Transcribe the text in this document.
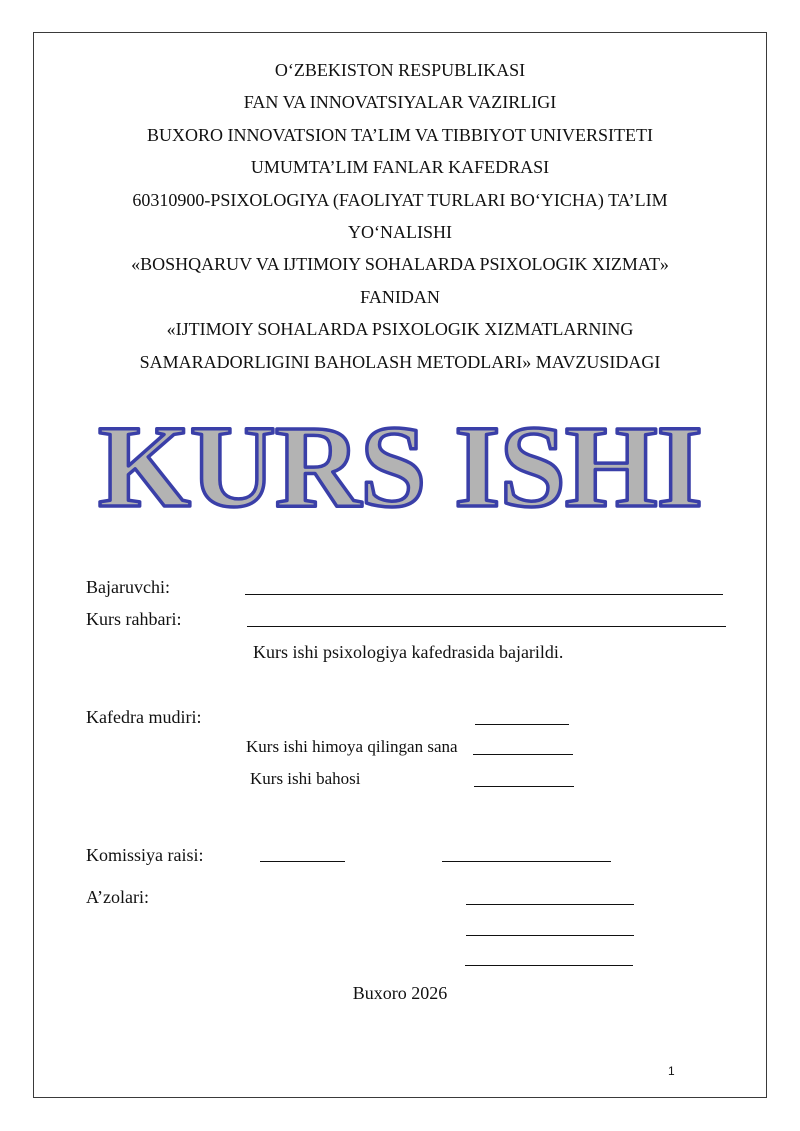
O‘ZBEKISTON RESPUBLIKASI
FAN VA INNOVATSIYALAR VAZIRLIGI
BUXORO INNOVATSION TA’LIM VA TIBBIYOT UNIVERSITETI
UMUMTA’LIM FANLAR KAFEDRASI
60310900-PSIXOLOGIYA (FAOLIYAT TURLARI BO‘YICHA) TA’LIM
YO‘NALISHI
«BOSHQARUV VA IJTIMOIY SOHALARDA PSIXOLOGIK XIZMAT»
FANIDAN
«IJTIMOIY SOHALARDA PSIXOLOGIK XIZMATLARNING
SAMARADORLIGINI BAHOLASH METODLARI» MAVZUSIDAGI
KURS ISHI
Bajaruvchi:
Kurs rahbari:
Kurs ishi psixologiya kafedrasida bajarildi.
Kafedra mudiri:
Kurs ishi himoya qilingan sana
Kurs ishi bahosi
Komissiya raisi:
A’zolari:
Buxoro 2026
1
